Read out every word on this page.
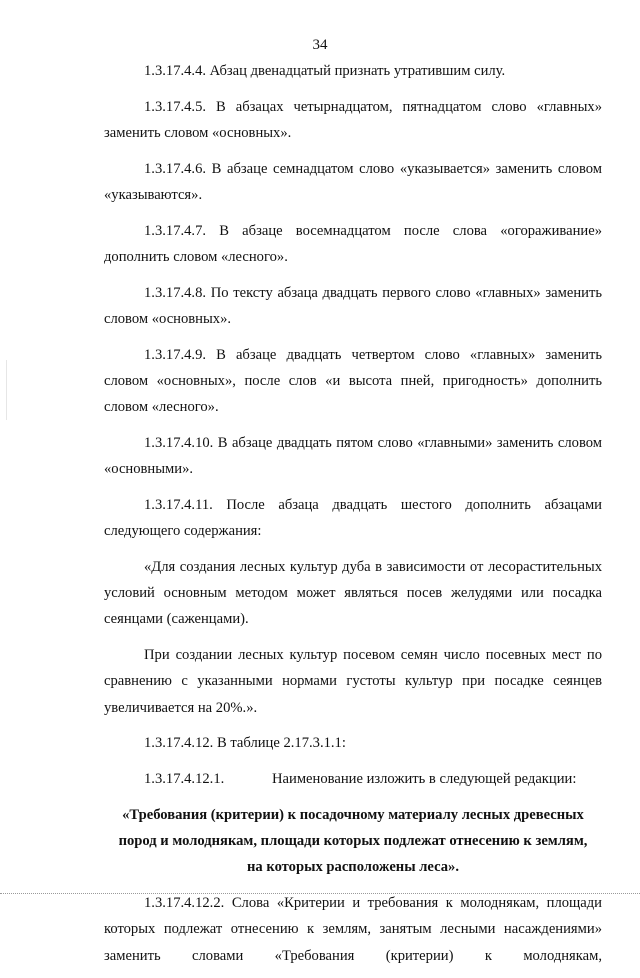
34

1.3.17.4.4. Абзац двенадцатый признать утратившим силу.

1.3.17.4.5. В абзацах четырнадцатом, пятнадцатом слово «главных» заменить словом «основных».

1.3.17.4.6. В абзаце семнадцатом слово «указывается» заменить словом «указываются».

1.3.17.4.7. В абзаце восемнадцатом после слова «огораживание» дополнить словом «лесного».

1.3.17.4.8. По тексту абзаца двадцать первого слово «главных» заменить словом «основных».

1.3.17.4.9. В абзаце двадцать четвертом слово «главных» заменить словом «основных», после слов «и высота пней, пригодность» дополнить словом «лесного».

1.3.17.4.10. В абзаце двадцать пятом слово «главными» заменить словом «основными».

1.3.17.4.11. После абзаца двадцать шестого дополнить абзацами следующего содержания:

«Для создания лесных культур дуба в зависимости от лесорастительных условий основным методом может являться посев желудями или посадка сеянцами (саженцами).

При создании лесных культур посевом семян число посевных мест по сравнению с указанными нормами густоты культур при посадке сеянцев увеличивается на 20%.».

1.3.17.4.12. В таблице 2.17.3.1.1:

1.3.17.4.12.1.	Наименование изложить в следующей редакции:
«Требования (критерии) к посадочному материалу лесных древесных
пород и молоднякам, площади которых подлежат отнесению к землям,
на которых расположены леса».

1.3.17.4.12.2. Слова «Критерии и требования к молоднякам, площади которых подлежат отнесению к землям, занятым лесными насаждениями» заменить словами «Требования (критерии) к молоднякам,
